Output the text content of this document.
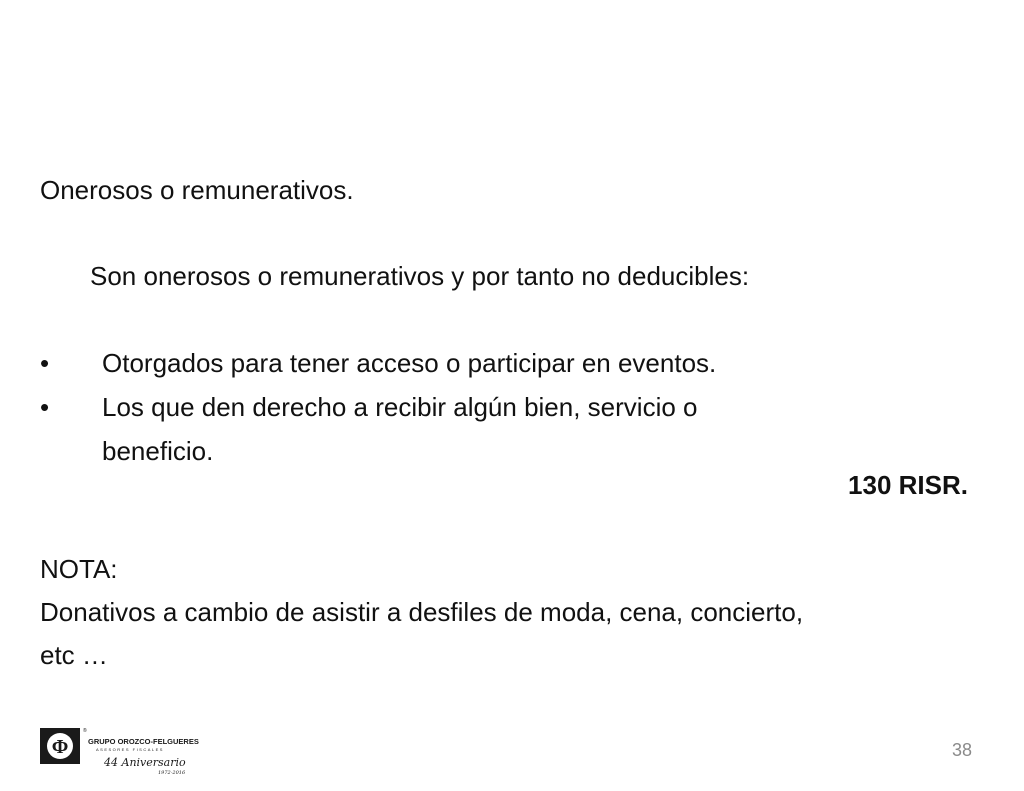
Onerosos o remunerativos.
Son onerosos o remunerativos y por tanto no deducibles:
•	Otorgados para tener acceso o participar en eventos.
•	Los que den derecho a recibir algún bien, servicio o
beneficio.
130 RISR.
NOTA:
Donativos a cambio de asistir a desfiles de moda, cena, concierto,
etc …
Φ
®
GRUPO OROZCO-FELGUERES
ASESORES FISCALES
44 Aniversario
1972-2016
38
